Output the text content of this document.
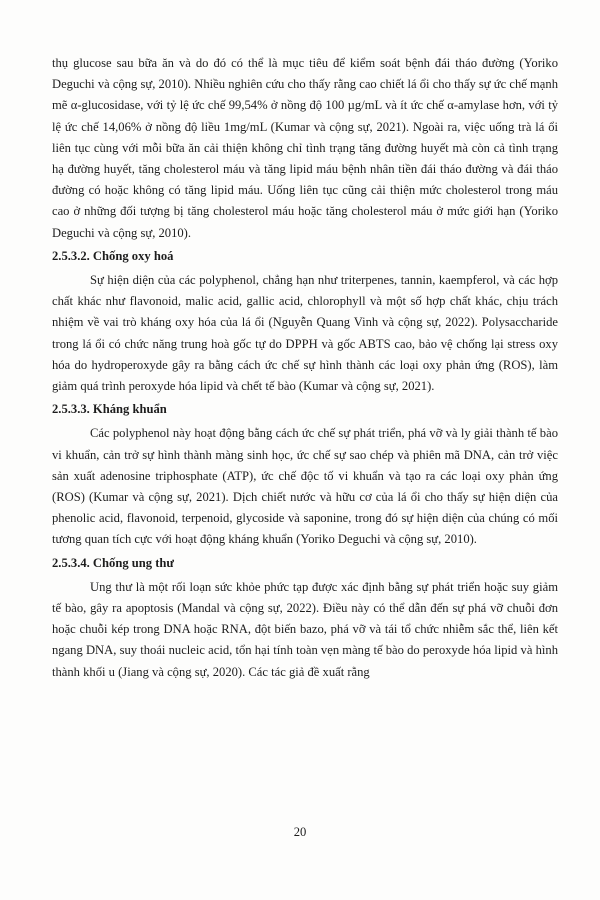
thụ glucose sau bữa ăn và do đó có thể là mục tiêu để kiểm soát bệnh đái tháo đường (Yoriko Deguchi và cộng sự, 2010). Nhiều nghiên cứu cho thấy rằng cao chiết lá ổi cho thấy sự ức chế mạnh mẽ α-glucosidase, với tỷ lệ ức chế 99,54% ở nồng độ 100 µg/mL và ít ức chế α-amylase hơn, với tỷ lệ ức chế 14,06% ở nồng độ liều 1mg/mL (Kumar và cộng sự, 2021). Ngoài ra, việc uống trà lá ổi liên tục cùng với mỗi bữa ăn cải thiện không chỉ tình trạng tăng đường huyết mà còn cả tình trạng hạ đường huyết, tăng cholesterol máu và tăng lipid máu bệnh nhân tiền đái tháo đường và đái tháo đường có hoặc không có tăng lipid máu. Uống liên tục cũng cải thiện mức cholesterol trong máu cao ở những đối tượng bị tăng cholesterol máu hoặc tăng cholesterol máu ở mức giới hạn (Yoriko Deguchi và cộng sự, 2010).

2.5.3.2. Chống oxy hoá

Sự hiện diện của các polyphenol, chẳng hạn như triterpenes, tannin, kaempferol, và các hợp chất khác như flavonoid, malic acid, gallic acid, chlorophyll và một số hợp chất khác, chịu trách nhiệm về vai trò kháng oxy hóa của lá ổi (Nguyễn Quang Vinh và cộng sự, 2022). Polysaccharide trong lá ổi có chức năng trung hoà gốc tự do DPPH và gốc ABTS cao, bảo vệ chống lại stress oxy hóa do hydroperoxyde gây ra bằng cách ức chế sự hình thành các loại oxy phản ứng (ROS), làm giảm quá trình peroxyde hóa lipid và chết tế bào (Kumar và cộng sự, 2021).

2.5.3.3. Kháng khuẩn

Các polyphenol này hoạt động bằng cách ức chế sự phát triển, phá vỡ và ly giải thành tế bào vi khuẩn, cản trở sự hình thành màng sinh học, ức chế sự sao chép và phiên mã DNA, cản trở việc sản xuất adenosine triphosphate (ATP), ức chế độc tố vi khuẩn và tạo ra các loại oxy phản ứng (ROS) (Kumar và cộng sự, 2021). Dịch chiết nước và hữu cơ của lá ổi cho thấy sự hiện diện của phenolic acid, flavonoid, terpenoid, glycoside và saponine, trong đó sự hiện diện của chúng có mối tương quan tích cực với hoạt động kháng khuẩn (Yoriko Deguchi và cộng sự, 2010).

2.5.3.4. Chống ung thư

Ung thư là một rối loạn sức khỏe phức tạp được xác định bằng sự phát triển hoặc suy giảm tế bào, gây ra apoptosis (Mandal và cộng sự, 2022). Điều này có thể dẫn đến sự phá vỡ chuỗi đơn hoặc chuỗi kép trong DNA hoặc RNA, đột biến bazo, phá vỡ và tái tổ chức nhiễm sắc thể, liên kết ngang DNA, suy thoái nucleic acid, tổn hại tính toàn vẹn màng tế bào do peroxyde hóa lipid và hình thành khối u (Jiang và cộng sự, 2020). Các tác giả đề xuất rằng

20
